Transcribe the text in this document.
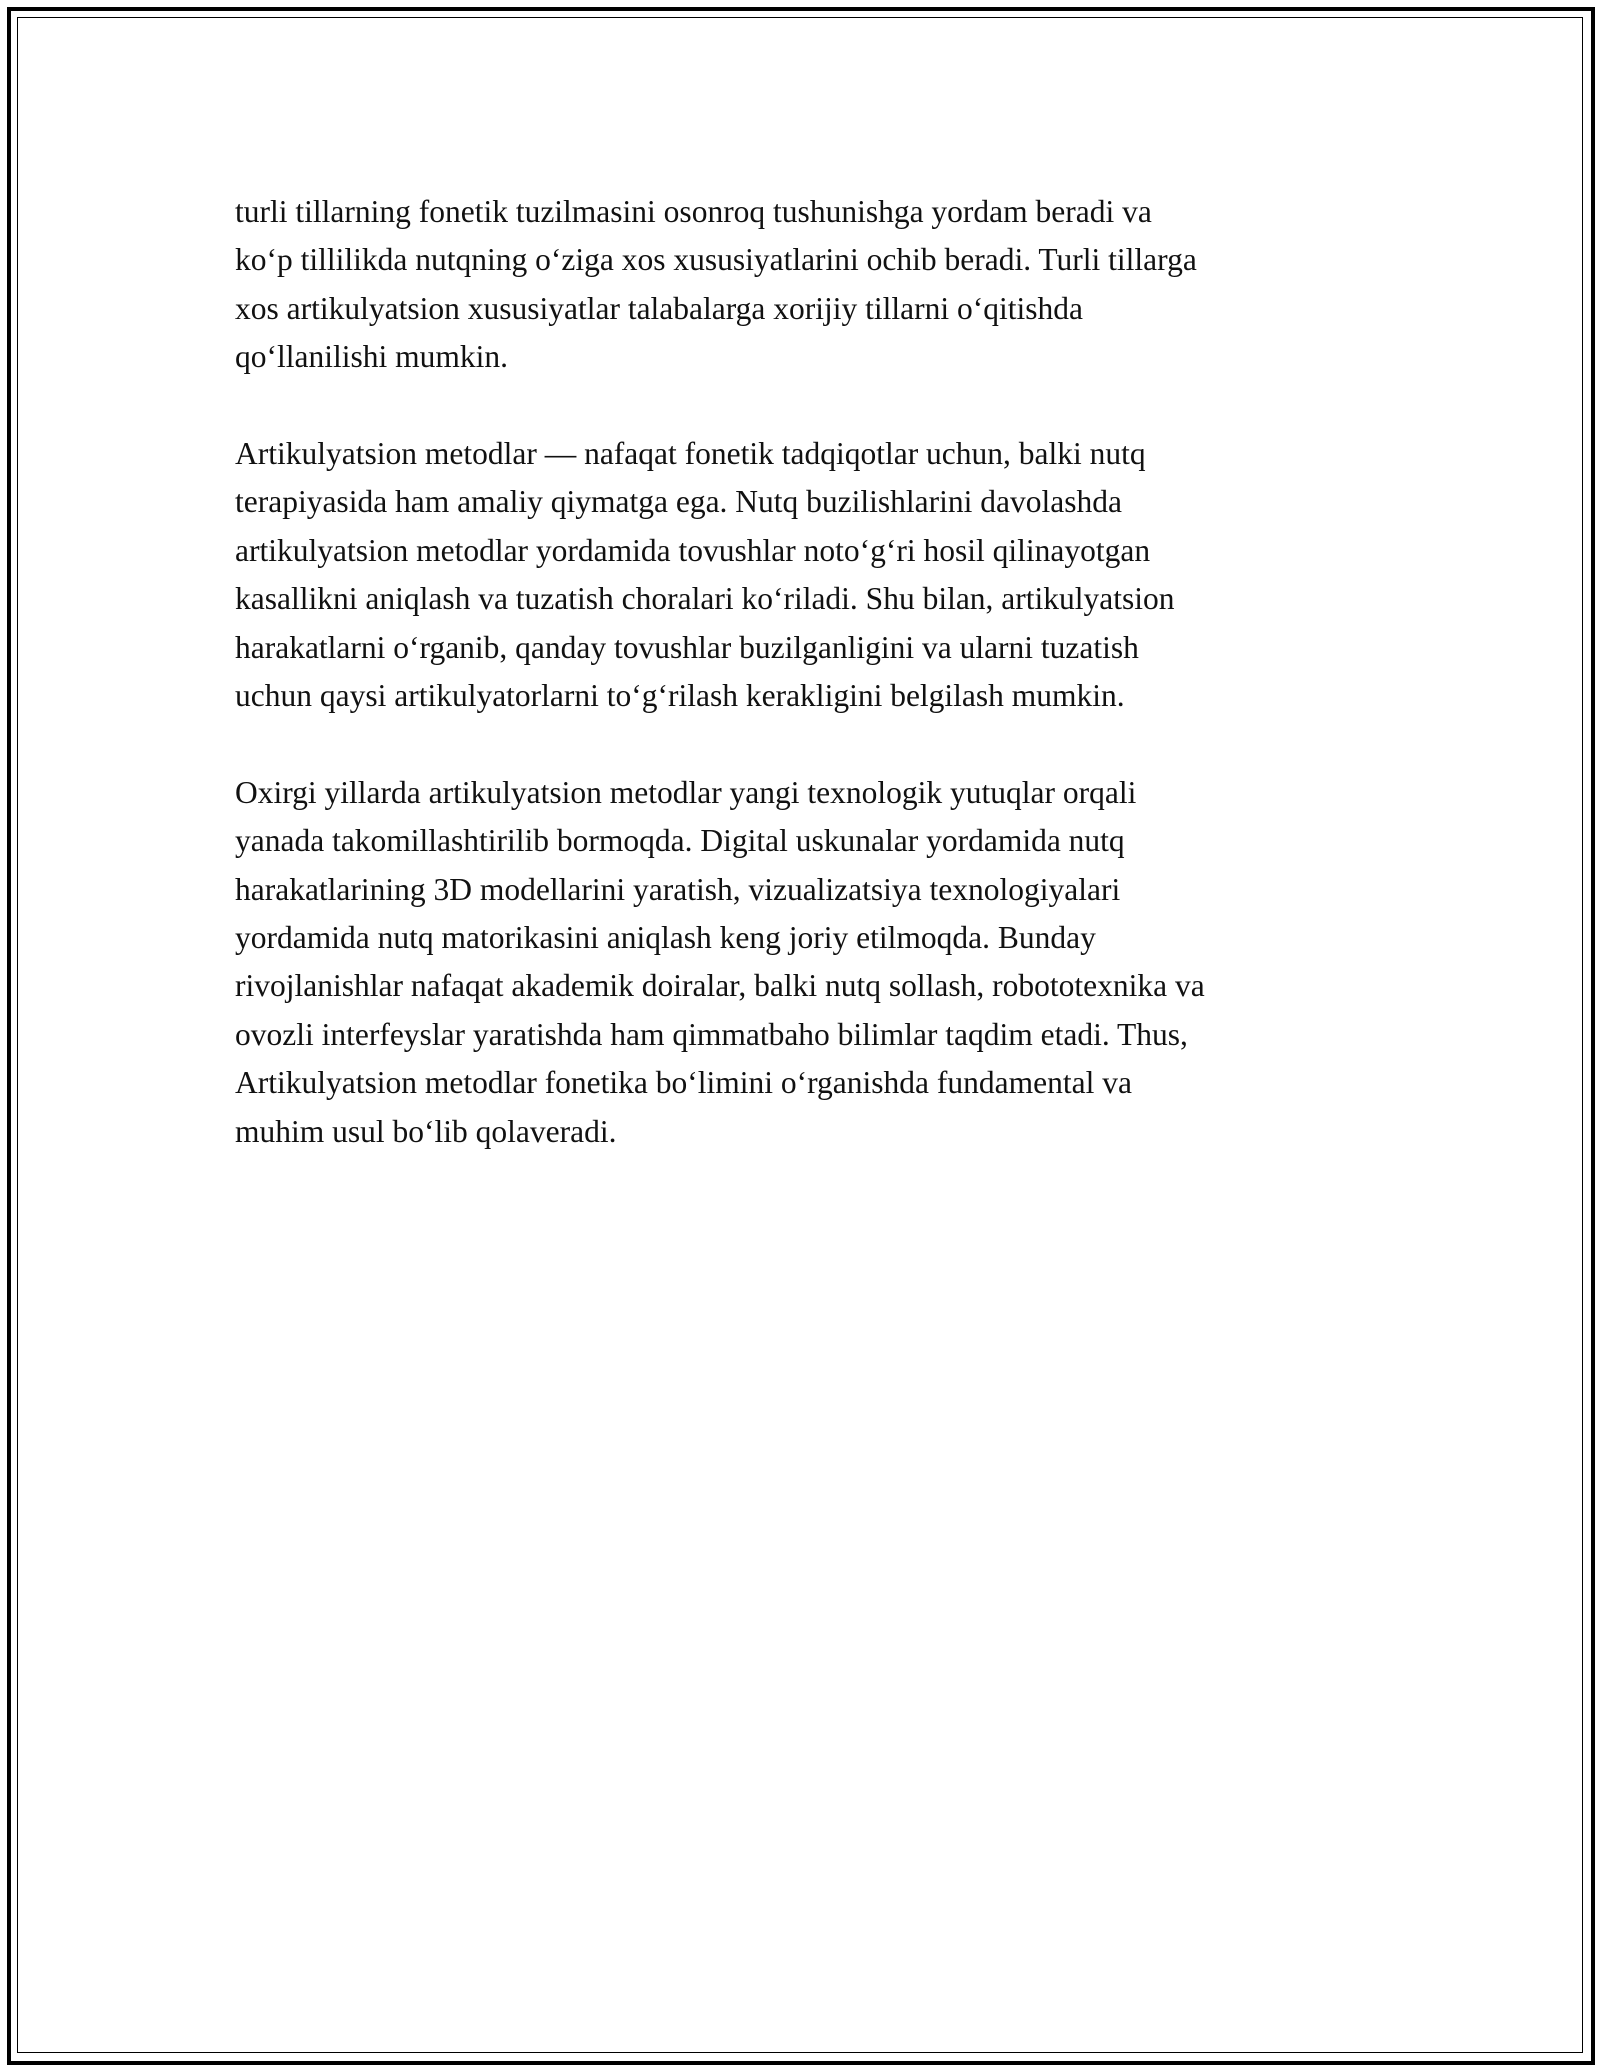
turli tillarning fonetik tuzilmasini osonroq tushunishga yordam beradi va
ko‘p tillilikda nutqning o‘ziga xos xususiyatlarini ochib beradi. Turli tillarga
xos artikulyatsion xususiyatlar talabalarga xorijiy tillarni o‘qitishda
qo‘llanilishi mumkin.

Artikulyatsion metodlar — nafaqat fonetik tadqiqotlar uchun, balki nutq
terapiyasida ham amaliy qiymatga ega. Nutq buzilishlarini davolashda
artikulyatsion metodlar yordamida tovushlar noto‘g‘ri hosil qilinayotgan
kasallikni aniqlash va tuzatish choralari ko‘riladi. Shu bilan, artikulyatsion
harakatlarni o‘rganib, qanday tovushlar buzilganligini va ularni tuzatish
uchun qaysi artikulyatorlarni to‘g‘rilash kerakligini belgilash mumkin.

Oxirgi yillarda artikulyatsion metodlar yangi texnologik yutuqlar orqali
yanada takomillashtirilib bormoqda. Digital uskunalar yordamida nutq
harakatlarining 3D modellarini yaratish, vizualizatsiya texnologiyalari
yordamida nutq matorikasini aniqlash keng joriy etilmoqda. Bunday
rivojlanishlar nafaqat akademik doiralar, balki nutq sollash, robototexnika va
ovozli interfeyslar yaratishda ham qimmatbaho bilimlar taqdim etadi. Thus,
Artikulyatsion metodlar fonetika bo‘limini o‘rganishda fundamental va
muhim usul bo‘lib qolaveradi.
